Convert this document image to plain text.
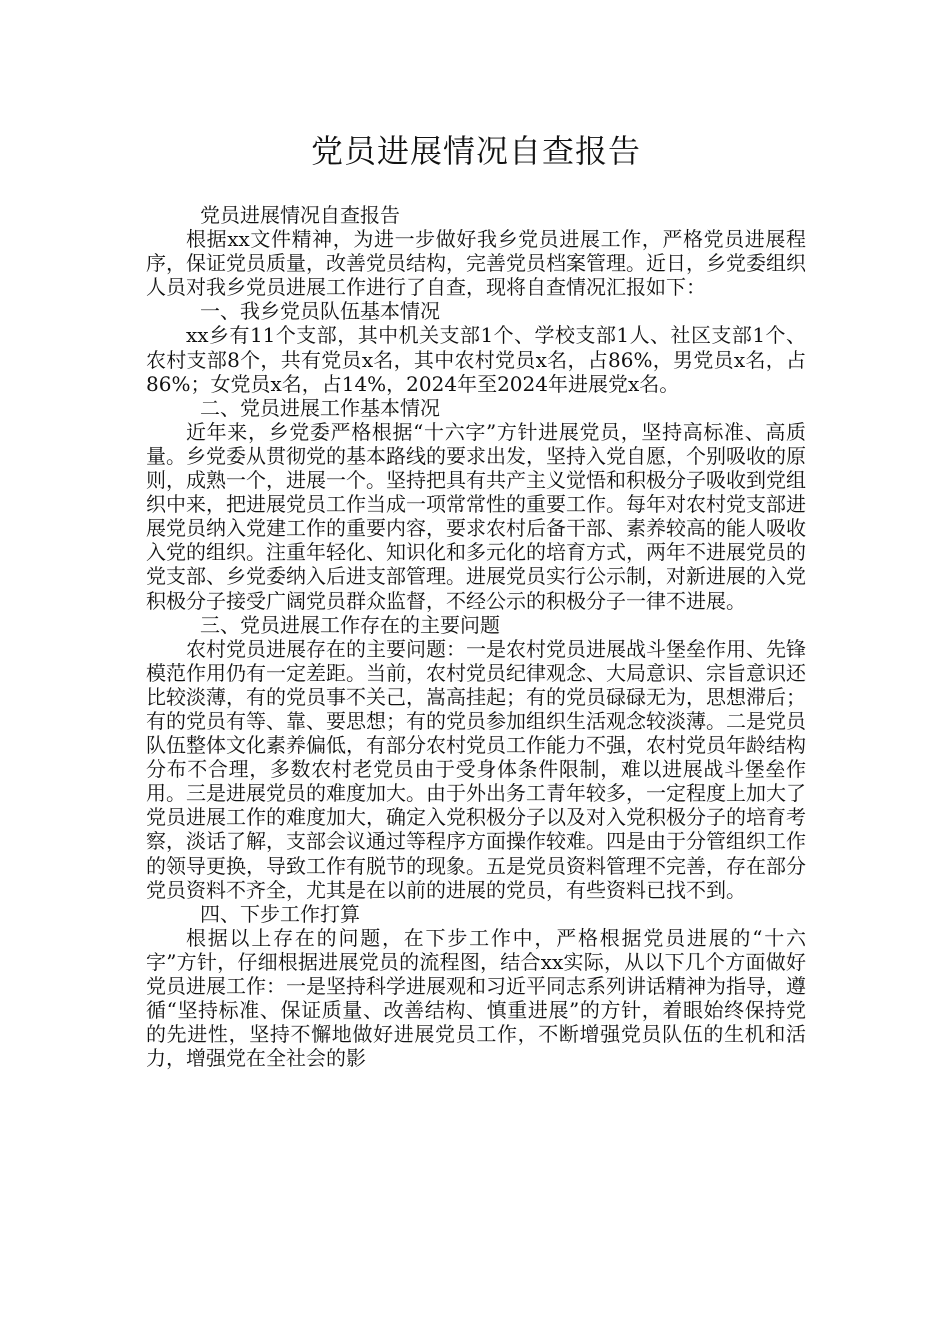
党员进展情况自查报告

党员进展情况自查报告

根据xx文件精神，为进一步做好我乡党员进展工作，严格党员进展程序，保证党员质量，改善党员结构，完善党员档案管理。近日，乡党委组织人员对我乡党员进展工作进行了自查，现将自查情况汇报如下：

一、我乡党员队伍基本情况

xx乡有11个支部，其中机关支部1个、学校支部1人、社区支部1个、农村支部8个，共有党员x名，其中农村党员x名，占86%，男党员x名，占86%；女党员x名，占14%，2024年至2024年进展党x名。

二、党员进展工作基本情况

近年来，乡党委严格根据“十六字”方针进展党员，坚持高标准、高质量。乡党委从贯彻党的基本路线的要求出发，坚持入党自愿，个别吸收的原则，成熟一个，进展一个。坚持把具有共产主义觉悟和积极分子吸收到党组织中来，把进展党员工作当成一项常常性的重要工作。每年对农村党支部进展党员纳入党建工作的重要内容，要求农村后备干部、素养较高的能人吸收入党的组织。注重年轻化、知识化和多元化的培育方式，两年不进展党员的党支部、乡党委纳入后进支部管理。进展党员实行公示制，对新进展的入党积极分子接受广阔党员群众监督，不经公示的积极分子一律不进展。

三、党员进展工作存在的主要问题

农村党员进展存在的主要问题：一是农村党员进展战斗堡垒作用、先锋模范作用仍有一定差距。当前，农村党员纪律观念、大局意识、宗旨意识还比较淡薄，有的党员事不关己，嵩高挂起；有的党员碌碌无为，思想滞后；有的党员有等、靠、要思想；有的党员参加组织生活观念较淡薄。二是党员队伍整体文化素养偏低，有部分农村党员工作能力不强，农村党员年龄结构分布不合理，多数农村老党员由于受身体条件限制，难以进展战斗堡垒作用。三是进展党员的难度加大。由于外出务工青年较多，一定程度上加大了党员进展工作的难度加大，确定入党积极分子以及对入党积极分子的培育考察，淡话了解，支部会议通过等程序方面操作较难。四是由于分管组织工作的领导更换，导致工作有脱节的现象。五是党员资料管理不完善，存在部分党员资料不齐全，尤其是在以前的进展的党员，有些资料已找不到。

四、下步工作打算

根据以上存在的问题，在下步工作中，严格根据党员进展的“十六字”方针，仔细根据进展党员的流程图，结合xx实际，从以下几个方面做好党员进展工作：一是坚持科学进展观和习近平同志系列讲话精神为指导，遵循“坚持标准、保证质量、改善结构、慎重进展”的方针，着眼始终保持党的先进性，坚持不懈地做好进展党员工作，不断增强党员队伍的生机和活力，增强党在全社会的影
